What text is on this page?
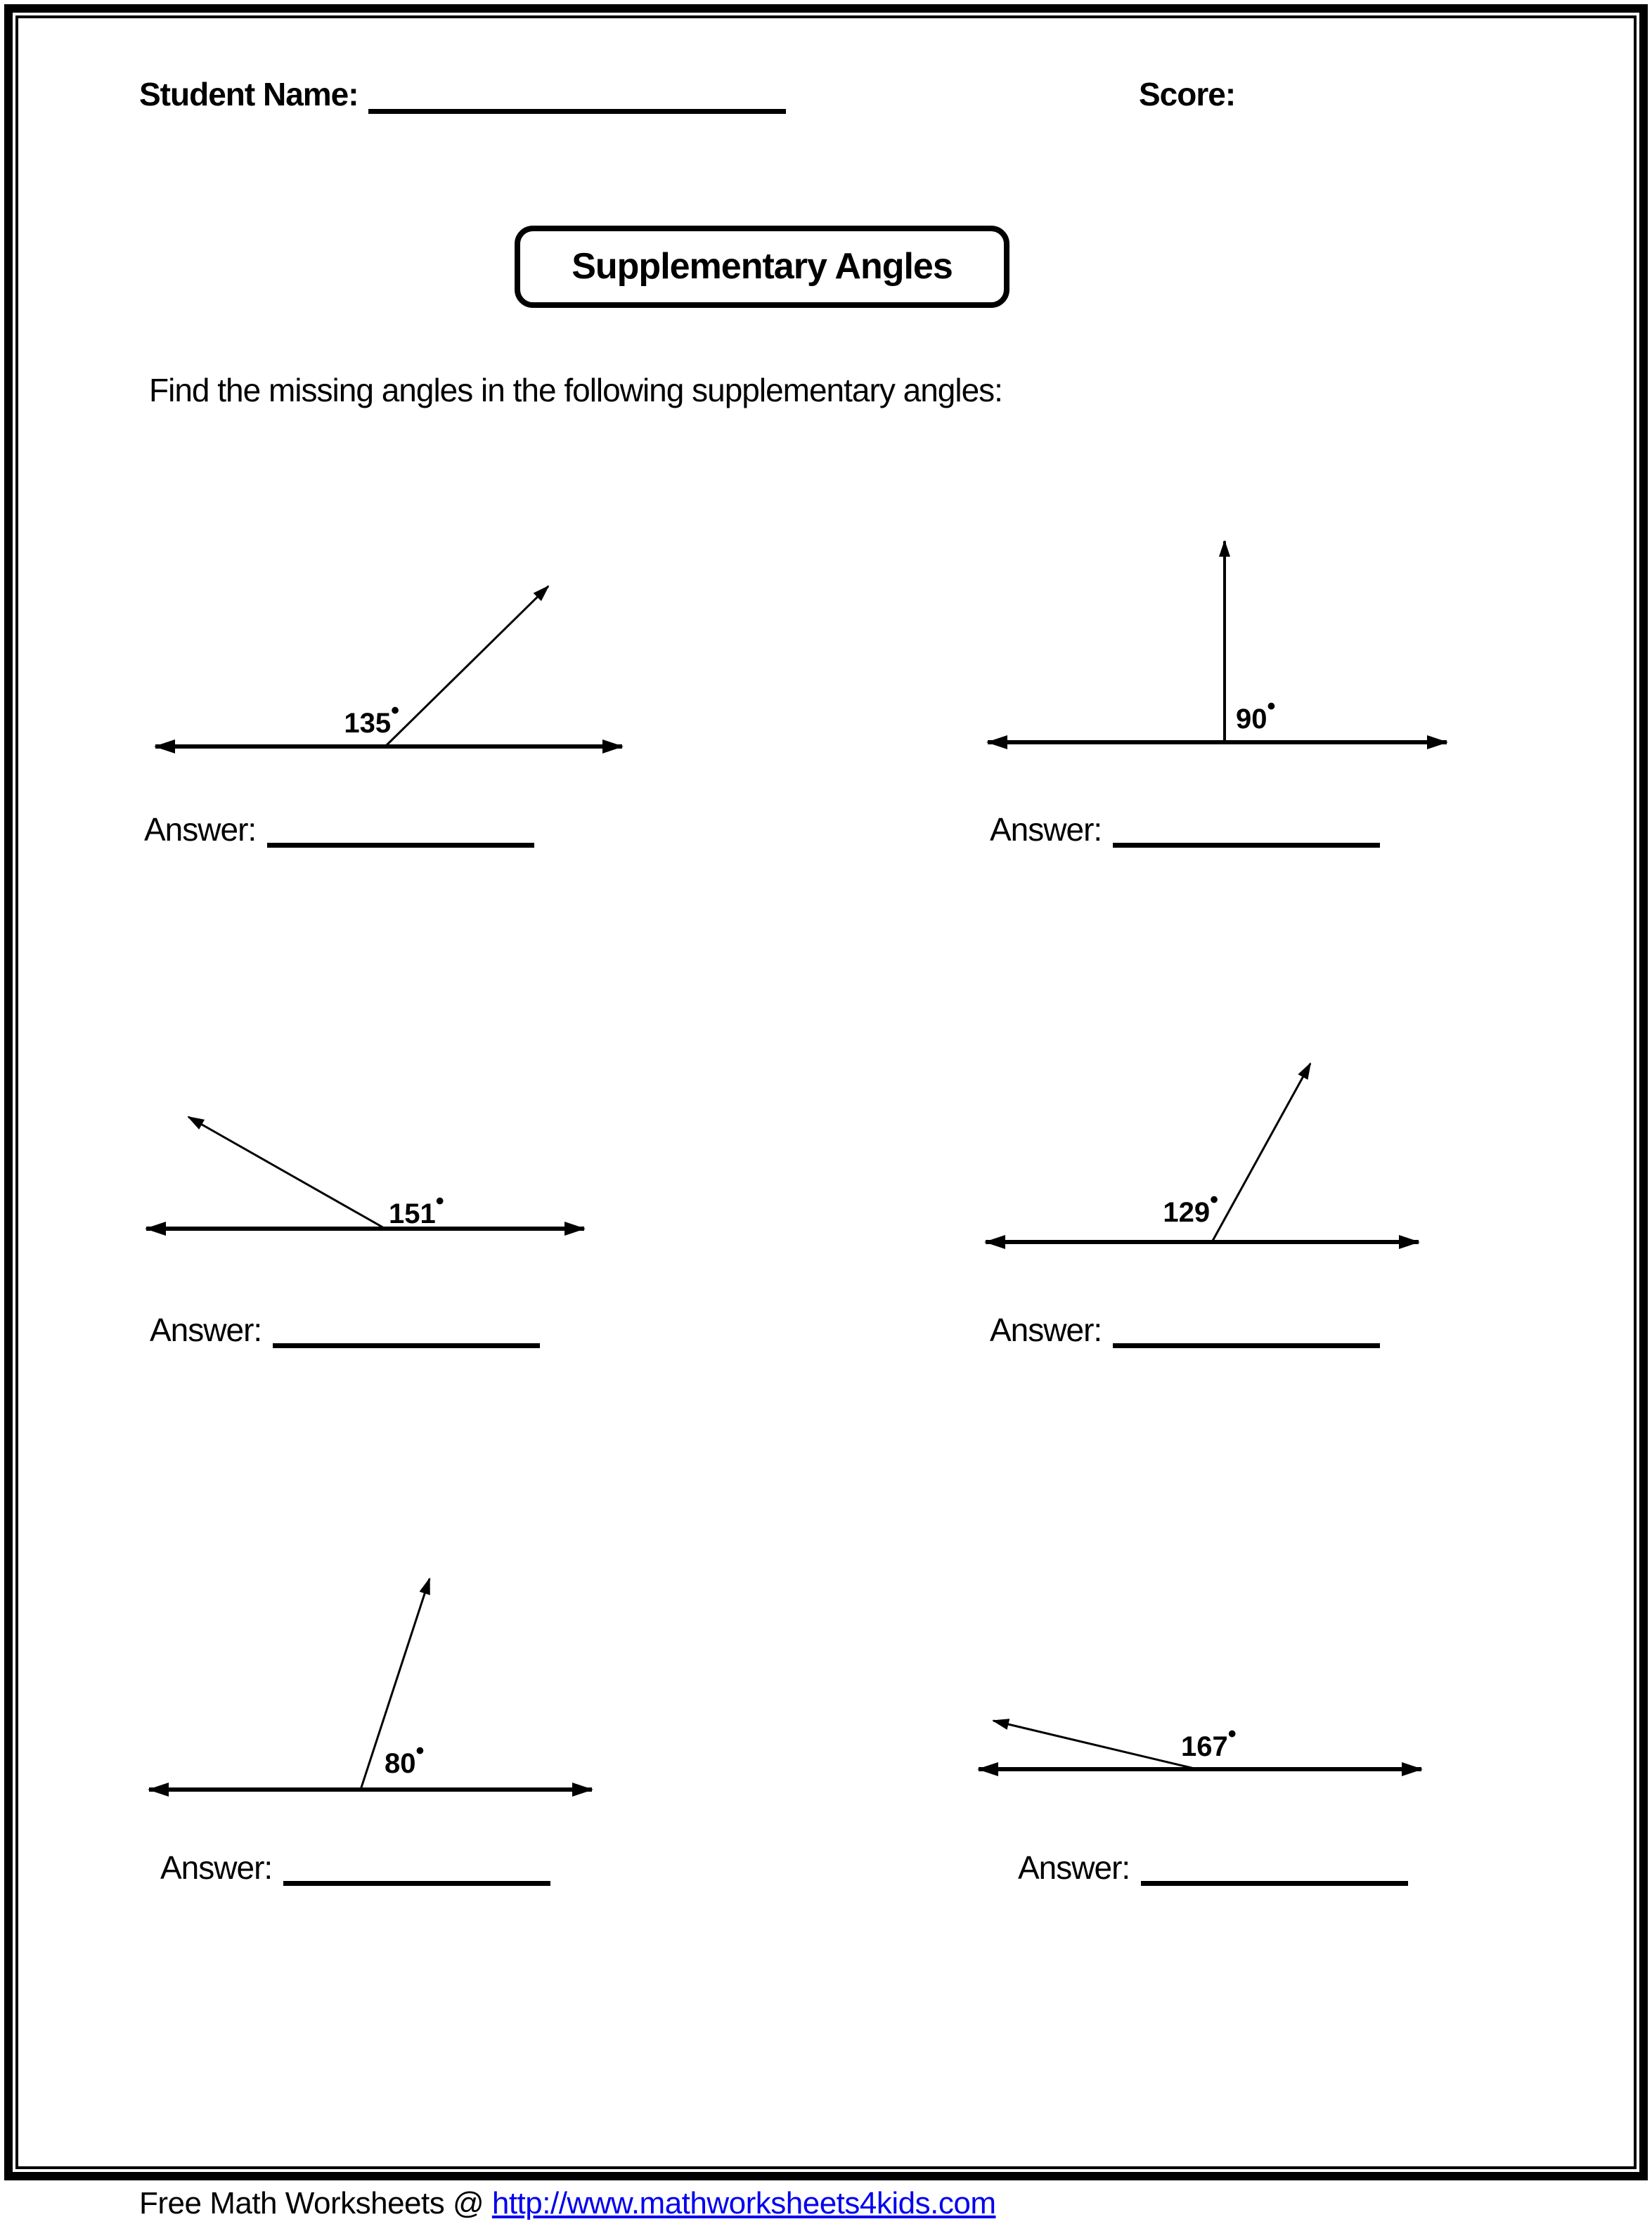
Student Name:	Score:
Supplementary Angles
Find the missing angles in the following supplementary angles:
135•	90•
Answer:	Answer:
151•	129•
Answer:	Answer:
80•	167•
Answer:	Answer:
Free Math Worksheets @ http://www.mathworksheets4kids.com
